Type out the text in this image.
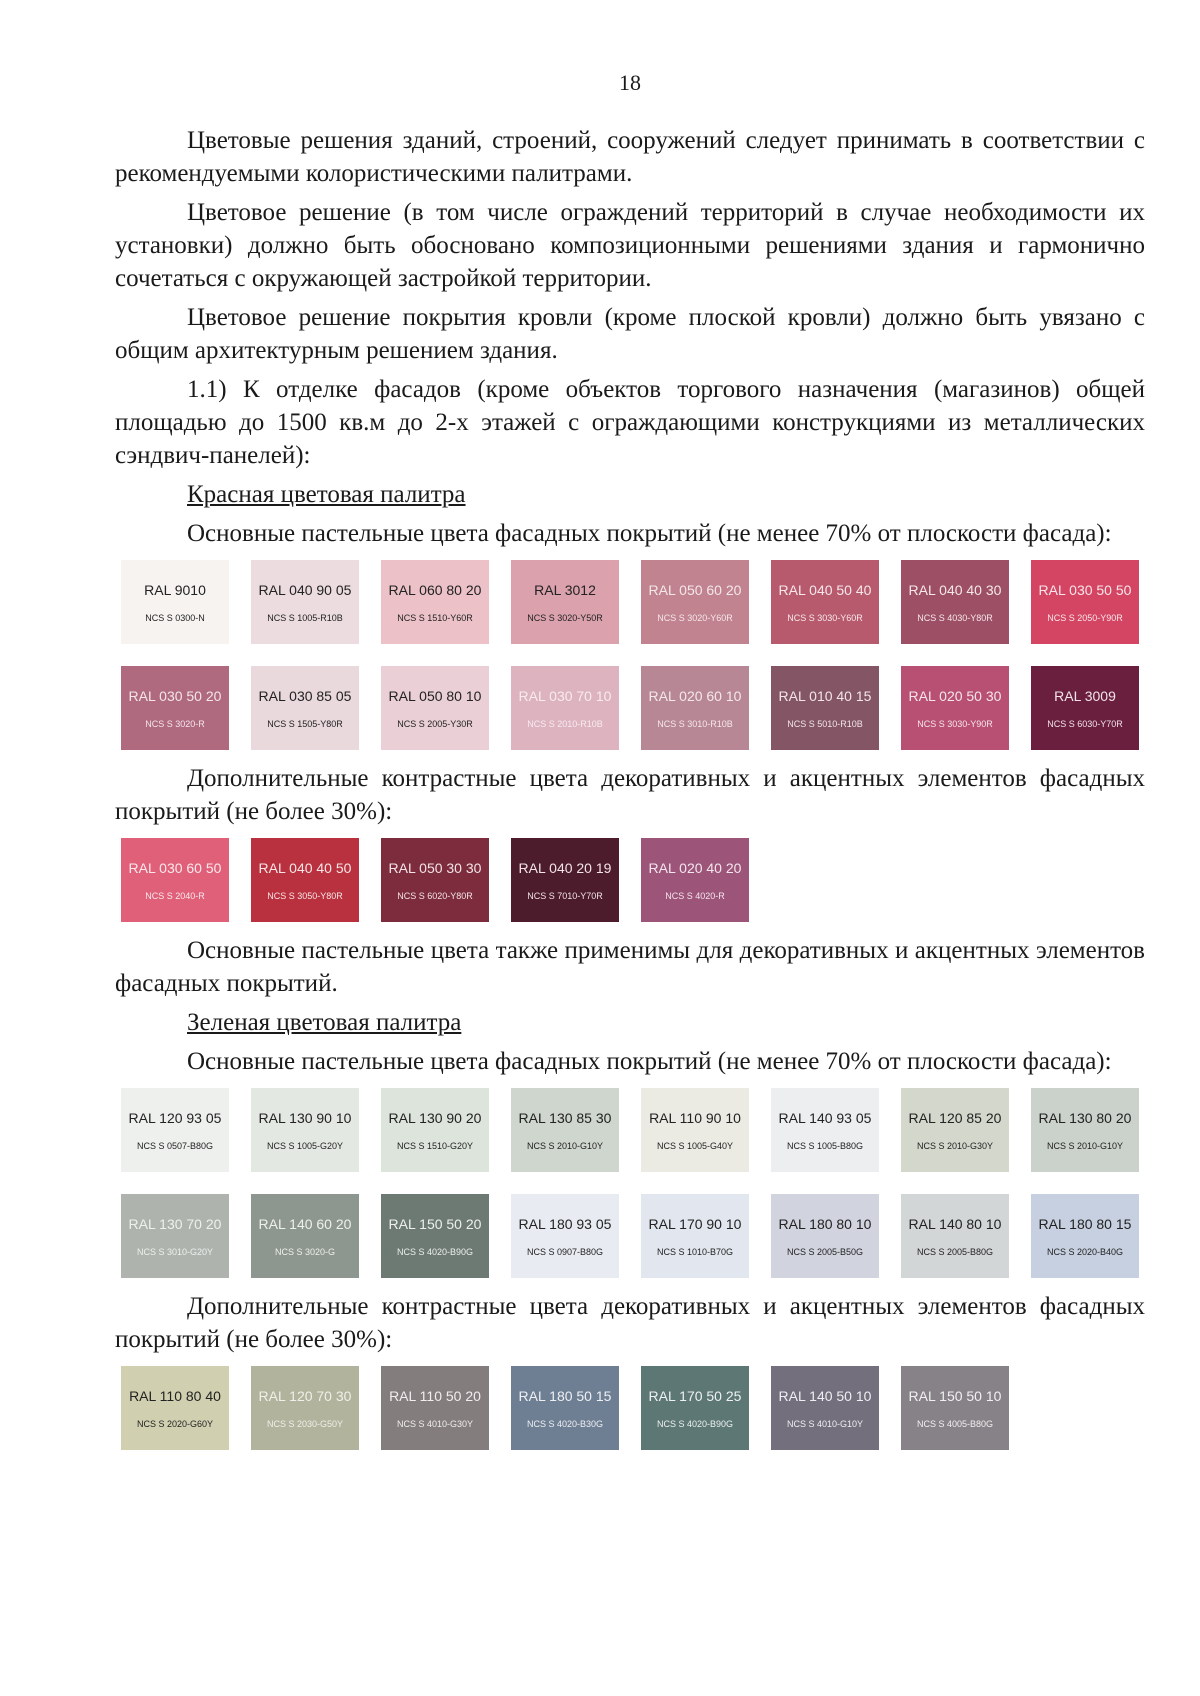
18

Цветовые решения зданий, строений, сооружений следует принимать в соответствии с рекомендуемыми колористическими палитрами.

Цветовое решение (в том числе ограждений территорий в случае необходимости их установки) должно быть обосновано композиционными решениями здания и гармонично сочетаться с окружающей застройкой территории.

Цветовое решение покрытия кровли (кроме плоской кровли) должно быть увязано с общим архитектурным решением здания.

1.1) К отделке фасадов (кроме объектов торгового назначения (магазинов) общей площадью до 1500 кв.м до 2-х этажей с ограждающими конструкциями из металлических сэндвич-панелей):

Красная цветовая палитра

Основные пастельные цвета фасадных покрытий (не менее 70% от плоскости фасада):

RAL 9010
NCS S 0300-N
RAL 040 90 05
NCS S 1005-R10B
RAL 060 80 20
NCS S 1510-Y60R
RAL 3012
NCS S 3020-Y50R
RAL 050 60 20
NCS S 3020-Y60R
RAL 040 50 40
NCS S 3030-Y60R
RAL 040 40 30
NCS S 4030-Y80R
RAL 030 50 50
NCS S 2050-Y90R
RAL 030 50 20
NCS S 3020-R
RAL 030 85 05
NCS S 1505-Y80R
RAL 050 80 10
NCS S 2005-Y30R
RAL 030 70 10
NCS S 2010-R10B
RAL 020 60 10
NCS S 3010-R10B
RAL 010 40 15
NCS S 5010-R10B
RAL 020 50 30
NCS S 3030-Y90R
RAL 3009
NCS S 6030-Y70R

Дополнительные контрастные цвета декоративных и акцентных элементов фасадных покрытий (не более 30%):

RAL 030 60 50
NCS S 2040-R
RAL 040 40 50
NCS S 3050-Y80R
RAL 050 30 30
NCS S 6020-Y80R
RAL 040 20 19
NCS S 7010-Y70R
RAL 020 40 20
NCS S 4020-R

Основные пастельные цвета также применимы для декоративных и акцентных элементов фасадных покрытий.

Зеленая цветовая палитра

Основные пастельные цвета фасадных покрытий (не менее 70% от плоскости фасада):

RAL 120 93 05
NCS S 0507-B80G
RAL 130 90 10
NCS S 1005-G20Y
RAL 130 90 20
NCS S 1510-G20Y
RAL 130 85 30
NCS S 2010-G10Y
RAL 110 90 10
NCS S 1005-G40Y
RAL 140 93 05
NCS S 1005-B80G
RAL 120 85 20
NCS S 2010-G30Y
RAL 130 80 20
NCS S 2010-G10Y
RAL 130 70 20
NCS S 3010-G20Y
RAL 140 60 20
NCS S 3020-G
RAL 150 50 20
NCS S 4020-B90G
RAL 180 93 05
NCS S 0907-B80G
RAL 170 90 10
NCS S 1010-B70G
RAL 180 80 10
NCS S 2005-B50G
RAL 140 80 10
NCS S 2005-B80G
RAL 180 80 15
NCS S 2020-B40G

Дополнительные контрастные цвета декоративных и акцентных элементов фасадных покрытий (не более 30%):

RAL 110 80 40
NCS S 2020-G60Y
RAL 120 70 30
NCS S 2030-G50Y
RAL 110 50 20
NCS S 4010-G30Y
RAL 180 50 15
NCS S 4020-B30G
RAL 170 50 25
NCS S 4020-B90G
RAL 140 50 10
NCS S 4010-G10Y
RAL 150 50 10
NCS S 4005-B80G
